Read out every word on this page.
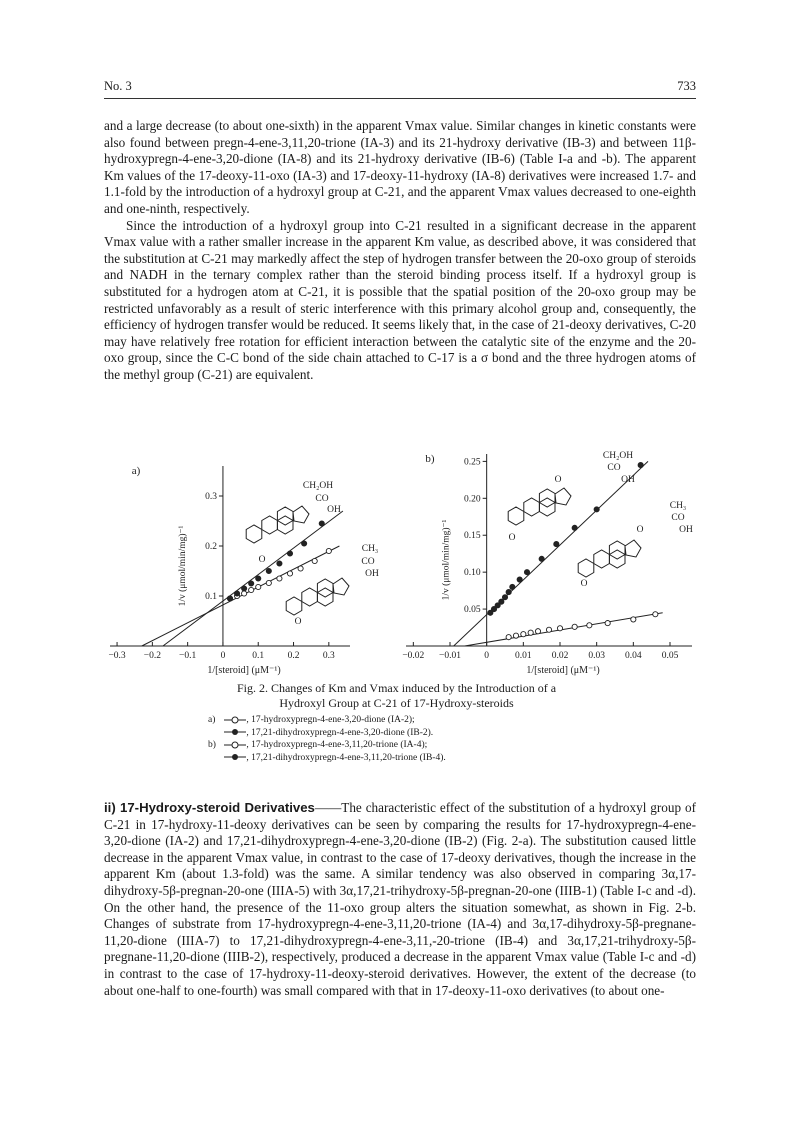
No. 3	733

and a large decrease (to about one-sixth) in the apparent Vmax value. Similar changes in kinetic constants were also found between pregn-4-ene-3,11,20-trione (IA-3) and its 21-hydroxy derivative (IB-3) and between 11β-hydroxypregn-4-ene-3,20-dione (IA-8) and its 21-hydroxy derivative (IB-6) (Table I-a and -b). The apparent Km values of the 17-deoxy-11-oxo (IA-3) and 17-deoxy-11-hydroxy (IA-8) derivatives were increased 1.7- and 1.1-fold by the introduction of a hydroxyl group at C-21, and the apparent Vmax values decreased to one-eighth and one-ninth, respectively.

Since the introduction of a hydroxyl group into C-21 resulted in a significant decrease in the apparent Vmax value with a rather smaller increase in the apparent Km value, as described above, it was considered that the substitution at C-21 may markedly affect the step of hydrogen transfer between the 20-oxo group of steroids and NADH in the ternary complex rather than the steroid binding process itself. If a hydroxyl group is substituted for a hydrogen atom at C-21, it is possible that the spatial position of the 20-oxo group may be restricted unfavorably as a result of steric interference with this primary alcohol group and, consequently, the efficiency of hydrogen transfer would be reduced. It seems likely that, in the case of 21-deoxy derivatives, C-20 may have relatively free rotation for efficient interaction between the catalytic site of the enzyme and the 20-oxo group, since the C-C bond of the side chain attached to C-17 is a σ bond and the three hydrogen atoms of the methyl group (C-21) are equivalent.

−0.3 −0.2 −0.1	0	0.1 0.2 0.3
0.1
0.2
0.3
a)
1/v (μmol/min/mg)⁻¹
1/[steroid] (μM⁻¹)
−0.02 −0.01 0	0.01 0.02 0.03 0.04 0.05
0.05
0.10
0.15
0.20
0.25
b)
1/v (μmol/min/mg)⁻¹
1/[steroid] (μM⁻¹)
CH₂OH
CO
OH
O
CH₃
CO
OH
O
CH₂OH
CO
OH
O
O
CH₃
CO
OH
O
O
Fig. 2. Changes of Km and Vmax induced by the Introduction of a
Hydroxyl Group at C-21 of 17-Hydroxy-steroids
a)	, 17-hydroxypregn-4-ene-3,20-dione (IA-2);
, 17,21-dihydroxypregn-4-ene-3,20-dione (IB-2).
b)	, 17-hydroxypregn-4-ene-3,11,20-trione (IA-4);
, 17,21-dihydroxypregn-4-ene-3,11,20-trione (IB-4).
ii) 17-Hydroxy-steroid Derivatives——The characteristic effect of the substitution of a hydroxyl group of C-21 in 17-hydroxy-11-deoxy derivatives can be seen by comparing the results for 17-hydroxypregn-4-ene-3,20-dione (IA-2) and 17,21-dihydroxypregn-4-ene-3,20-dione (IB-2) (Fig. 2-a). The substitution caused little decrease in the apparent Vmax value, in contrast to the case of 17-deoxy derivatives, though the increase in the apparent Km (about 1.3-fold) was the same. A similar tendency was also observed in comparing 3α,17-dihydroxy-5β-pregnan-20-one (IIIA-5) with 3α,17,21-trihydroxy-5β-pregnan-20-one (IIIB-1) (Table I-c and -d). On the other hand, the presence of the 11-oxo group alters the situation somewhat, as shown in Fig. 2-b. Changes of substrate from 17-hydroxypregn-4-ene-3,11,20-trione (IA-4) and 3α,17-dihydroxy-5β-pregnane-11,20-dione (IIIA-7) to 17,21-dihydroxypregn-4-ene-3,11,-20-trione (IB-4) and 3α,17,21-trihydroxy-5β-pregnane-11,20-dione (IIIB-2), respectively, produced a decrease in the apparent Vmax value (Table I-c and -d) in contrast to the case of 17-hydroxy-11-deoxy-steroid derivatives. However, the extent of the decrease (to about one-half to one-fourth) was small compared with that in 17-deoxy-11-oxo derivatives (to about one-
